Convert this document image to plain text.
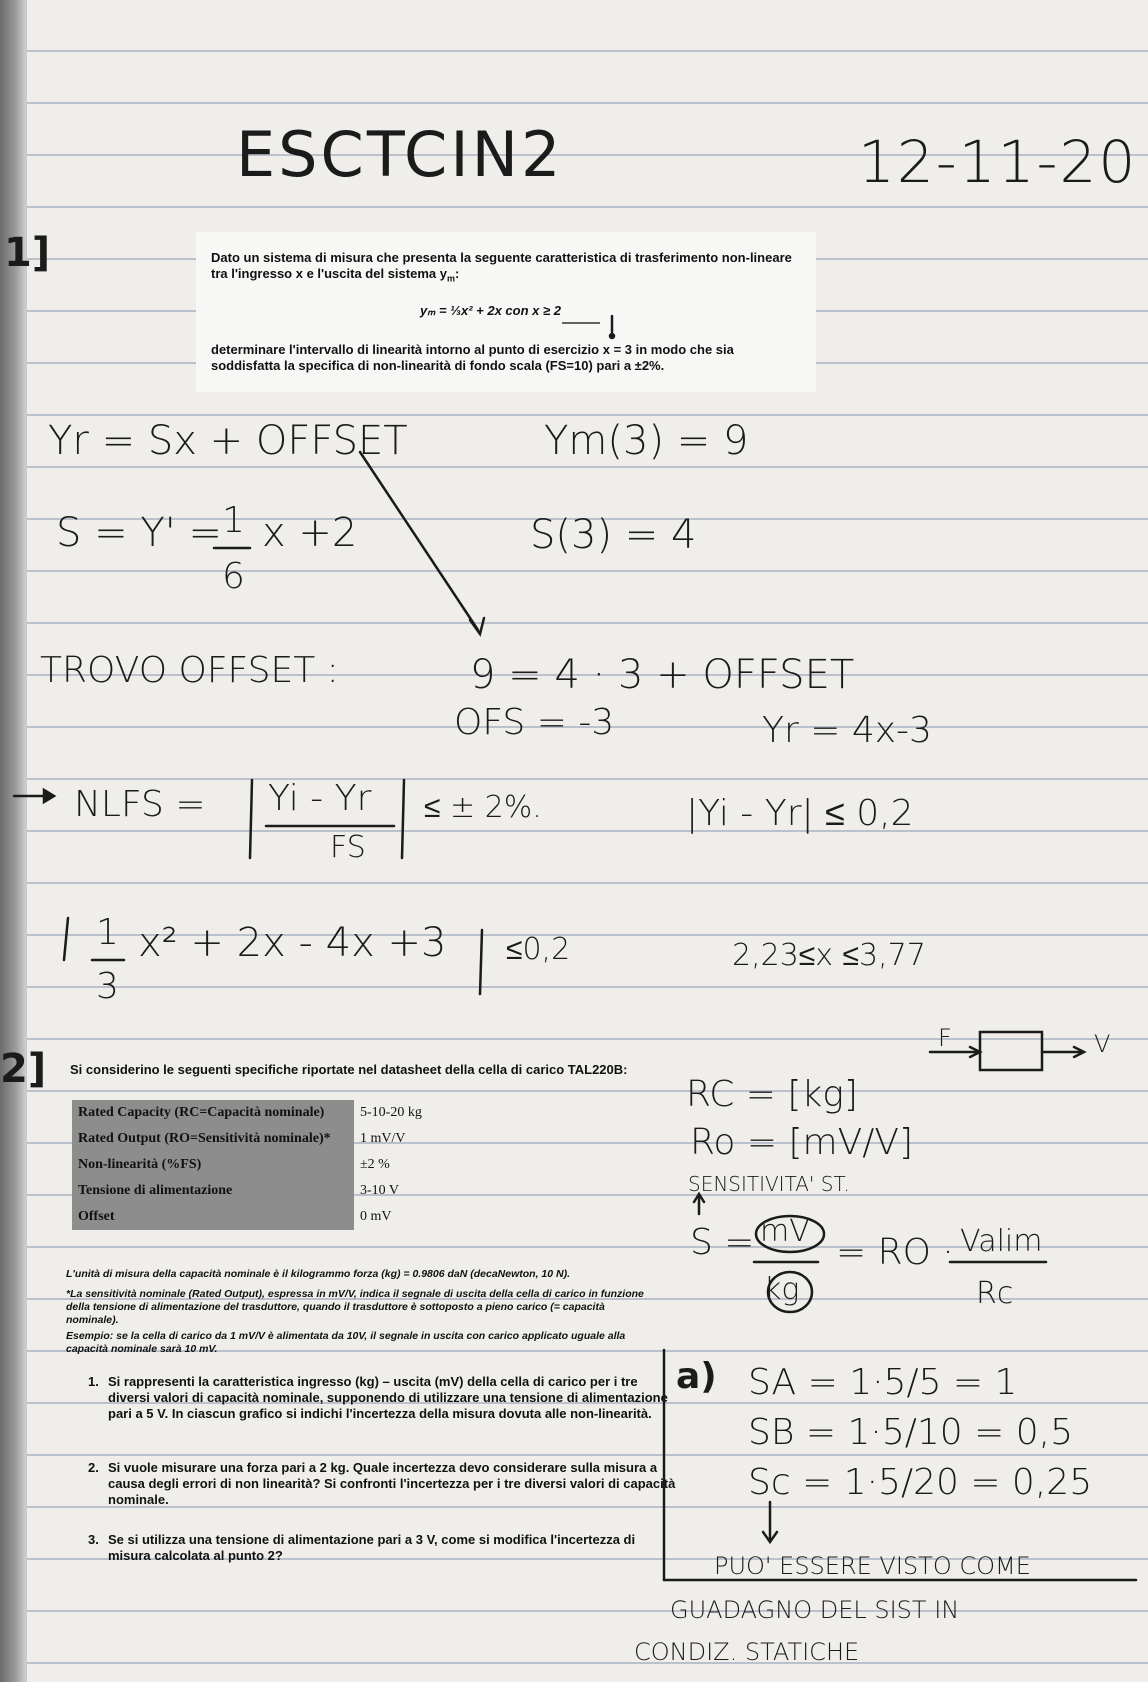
ESCTCIN2	12-11-20
1]	Dato un sistema di misura che presenta la seguente caratteristica di trasferimento non-lineare
tra l'ingresso x e l'uscita del sistema $y_m$:
yₘ = ⅓x² + 2x con x ≥ 2
determinare l'intervallo di linearità intorno al punto di esercizio x = 3 in modo che sia
soddisfatta la specifica di non-linearità di fondo scala (FS=10) pari a ±2%.
Yr = Sx + OFFSET	Ym(3) = 9
S = Y' = 1
6
x +2	S(3) = 4
TROVO OFFSET :	9 = 4 · 3 + OFFSET
OFS = -3	Yr = 4x-3
NLFS = Yi - Yr
FS
≤ ± 2%.	|Yi - Yr| ≤ 0,2
1
3
x² + 2x - 4x +3 ≤0,2	2,23≤x ≤3,77
2] Si considerino le seguenti specifiche riportate nel datasheet della cella di carico TAL220B:
Rated Capacity (RC=Capacità nominale)	5-10-20 kg
Rated Output (RO=Sensitività nominale)*	1 mV/V
Non-linearità (%FS)	±2 %
Tensione di alimentazione	3-10 V
Offset	0 mV
L'unità di misura della capacità nominale è il kilogrammo forza (kg) = 0.9806 daN (decaNewton, 10 N).
*La sensitività nominale (Rated Output), espressa in mV/V, indica il segnale di uscita della cella di carico in funzione della tensione di alimentazione del trasduttore, quando il trasduttore è sottoposto a pieno carico (= capacità nominale).
Esempio: se la cella di carico da 1 mV/V è alimentata da 10V, il segnale in uscita con carico applicato uguale alla capacità nominale sarà 10 mV.
1. Si rappresenti la caratteristica ingresso (kg) – uscita (mV) della cella di carico per i tre diversi valori di capacità nominale, supponendo di utilizzare una tensione di alimentazione pari a 5 V. In ciascun grafico si indichi l'incertezza della misura dovuta alle non-linearità.
2. Si vuole misurare una forza pari a 2 kg. Quale incertezza devo considerare sulla misura a causa degli errori di non linearità? Si confronti l'incertezza per i tre diversi valori di capacità nominale.
3. Se si utilizza una tensione di alimentazione pari a 3 V, come si modifica l'incertezza di misura calcolata al punto 2?
F	V
RC = [kg]
Ro = [mV/V]
SENSITIVITA' ST.
S = mV
kg
= RO · Valim
Rc
a) SA = 1·5/5 = 1
SB = 1·5/10 = 0,5
Sc = 1·5/20 = 0,25
PUO' ESSERE VISTO COME
GUADAGNO DEL SIST IN
CONDIZ. STATICHE
